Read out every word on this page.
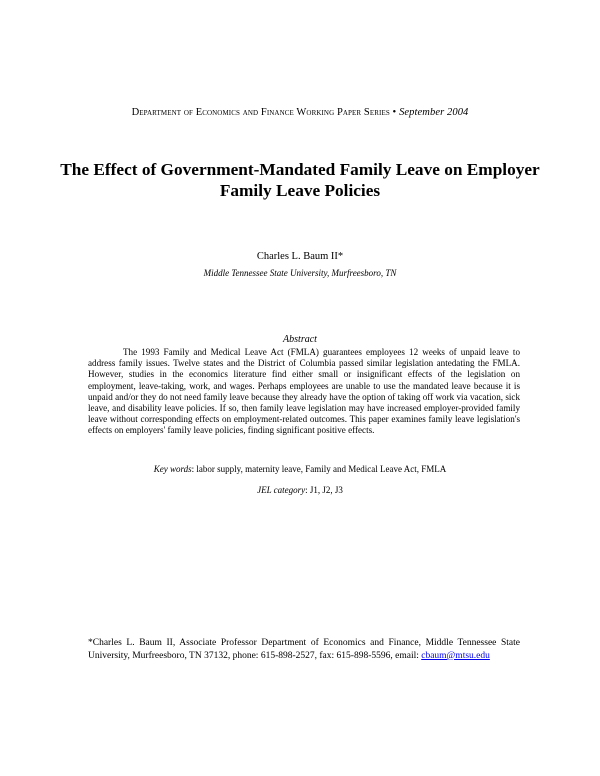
Department of Economics and Finance Working Paper Series • September 2004
The Effect of Government-Mandated Family Leave on Employer Family Leave Policies
Charles L. Baum II*
Middle Tennessee State University, Murfreesboro, TN
Abstract
The 1993 Family and Medical Leave Act (FMLA) guarantees employees 12 weeks of unpaid leave to address family issues. Twelve states and the District of Columbia passed similar legislation antedating the FMLA. However, studies in the economics literature find either small or insignificant effects of the legislation on employment, leave-taking, work, and wages. Perhaps employees are unable to use the mandated leave because it is unpaid and/or they do not need family leave because they already have the option of taking off work via vacation, sick leave, and disability leave policies. If so, then family leave legislation may have increased employer-provided family leave without corresponding effects on employment-related outcomes. This paper examines family leave legislation's effects on employers' family leave policies, finding significant positive effects.
Key words: labor supply, maternity leave, Family and Medical Leave Act, FMLA
JEL category: J1, J2, J3
*Charles L. Baum II, Associate Professor Department of Economics and Finance, Middle Tennessee State University, Murfreesboro, TN 37132, phone: 615-898-2527, fax: 615-898-5596, email: cbaum@mtsu.edu
